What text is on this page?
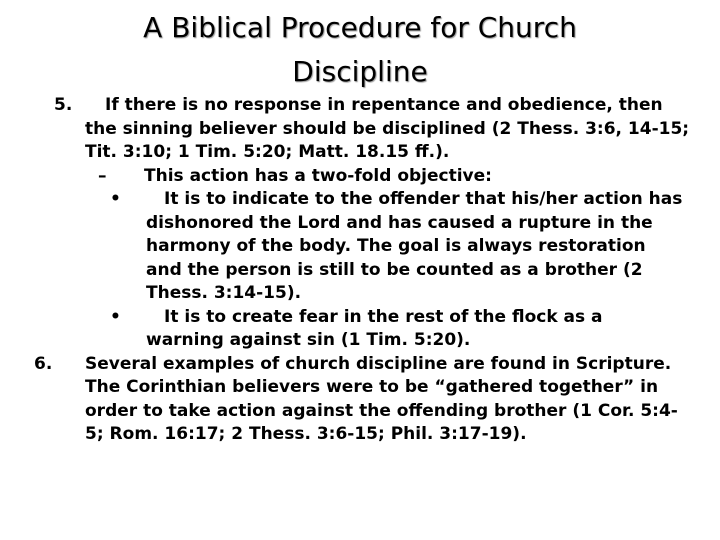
A Biblical Procedure for Church
Discipline
5. If there is no response in repentance and obedience, then the sinning believer should be disciplined (2 Thess. 3:6, 14-15; Tit. 3:10; 1 Tim. 5:20; Matt. 18.15 ff.).
– This action has a two-fold objective:
•	It is to indicate to the offender that his/her action has dishonored the Lord and has caused a rupture in the harmony of the body. The goal is always restoration and the person is still to be counted as a brother (2 Thess. 3:14-15).
•	It is to create fear in the rest of the flock as a warning against sin (1 Tim. 5:20).
6. Several examples of church discipline are found in Scripture. The Corinthian believers were to be “gathered together” in order to take action against the offending brother (1 Cor. 5:4-5; Rom. 16:17; 2 Thess. 3:6-15; Phil. 3:17-19).
